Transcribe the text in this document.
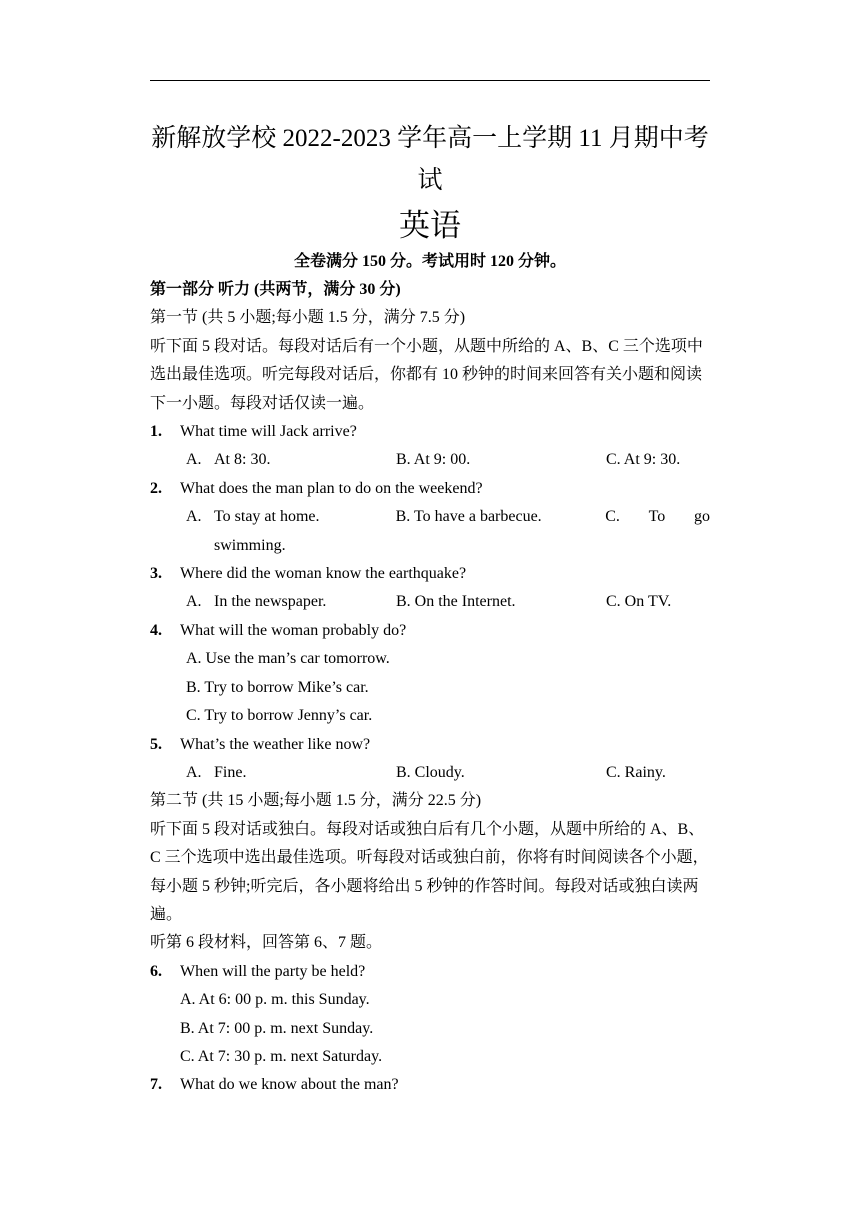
新解放学校 2022-2023 学年高一上学期 11 月期中考试
英语
全卷满分 150 分。考试用时 120 分钟。
第一部分 听力 (共两节，满分 30 分)
第一节 (共 5 小题;每小题 1.5 分，满分 7.5 分)
听下面 5 段对话。每段对话后有一个小题，从题中所给的 A、B、C 三个选项中选出最佳选项。听完每段对话后，你都有 10 秒钟的时间来回答有关小题和阅读下一小题。每段对话仅读一遍。
1.	What time will Jack arrive?
A. At 8: 30.	B. At 9: 00.	C. At 9: 30.
2.	What does the man plan to do on the weekend?
A. To stay at home.	B. To have a barbecue.	C. To go
swimming.
3.	Where did the woman know the earthquake?
A. In the newspaper.	B. On the Internet.	C. On TV.
4.	What will the woman probably do?
A. Use the man’s car tomorrow.
B. Try to borrow Mike’s car.
C. Try to borrow Jenny’s car.
5.	What’s the weather like now?
A. Fine.	B. Cloudy.	C. Rainy.
第二节 (共 15 小题;每小题 1.5 分，满分 22.5 分)
听下面 5 段对话或独白。每段对话或独白后有几个小题，从题中所给的 A、B、C 三个选项中选出最佳选项。听每段对话或独白前，你将有时间阅读各个小题，每小题 5 秒钟;听完后，各小题将给出 5 秒钟的作答时间。每段对话或独白读两遍。
听第 6 段材料，回答第 6、7 题。
6.	When will the party be held?
A. At 6: 00 p. m. this Sunday.
B. At 7: 00 p. m. next Sunday.
C. At 7: 30 p. m. next Saturday.
7.	What do we know about the man?
